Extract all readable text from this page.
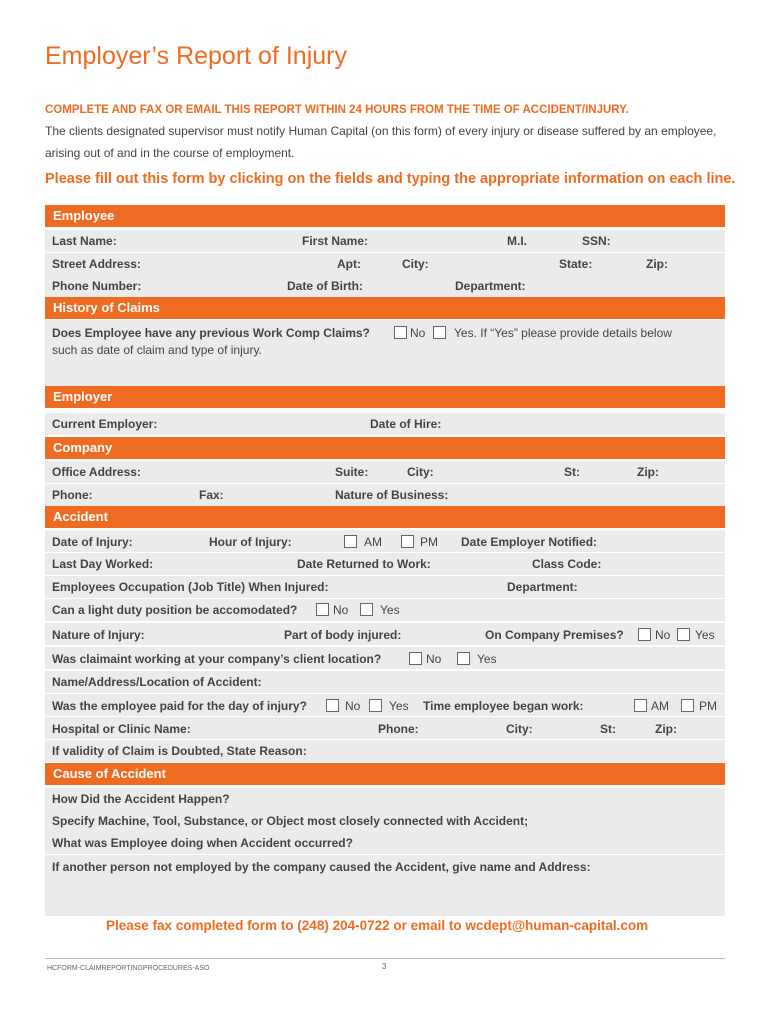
Employer’s Report of Injury
COMPLETE AND FAX OR EMAIL THIS REPORT WITHIN 24 HOURS FROM THE TIME OF ACCIDENT/INJURY.
The clients designated supervisor must notify Human Capital (on this form) of every injury or disease suffered by an employee, arising out of and in the course of employment.
Please fill out this form by clicking on the fields and typing the appropriate information on each line.
Employee
Last Name:	First Name:	M.I.	SSN:
Street Address:	Apt:	City:	State:	Zip:
Phone Number:	Date of Birth:	Department:
History of Claims
Does Employee have any previous Work Comp Claims?	No Yes. If “Yes” please provide details below
such as date of claim and type of injury.
Employer
Current Employer:	Date of Hire:
Company
Office Address:	Suite:	City:	St:	Zip:
Phone:	Fax:	Nature of Business:
Accident
Date of Injury:	Hour of Injury:	AM	PM Date Employer Notified:
Last Day Worked:	Date Returned to Work:	Class Code:
Employees Occupation (Job Title) When Injured:	Department:
Can a light duty position be accomodated?	No	Yes
Nature of Injury:	Part of body injured:	On Company Premises?	No Yes
Was claimaint working at your company’s client location?	No	Yes
Name/Address/Location of Accident:
Was the employee paid for the day of injury?	No Yes Time employee began work:	AM	PM
Hospital or Clinic Name:	Phone:	City:	St:	Zip:
If validity of Claim is Doubted, State Reason:
Cause of Accident
How Did the Accident Happen?
Specify Machine, Tool, Substance, or Object most closely connected with Accident;
What was Employee doing when Accident occurred?
If another person not employed by the company caused the Accident, give name and Address:
Please fax completed form to (248) 204-0722 or email to wcdept@human-capital.com
HCFORM-CLAIMREPORTINGPROCEDURES-ASO	3
